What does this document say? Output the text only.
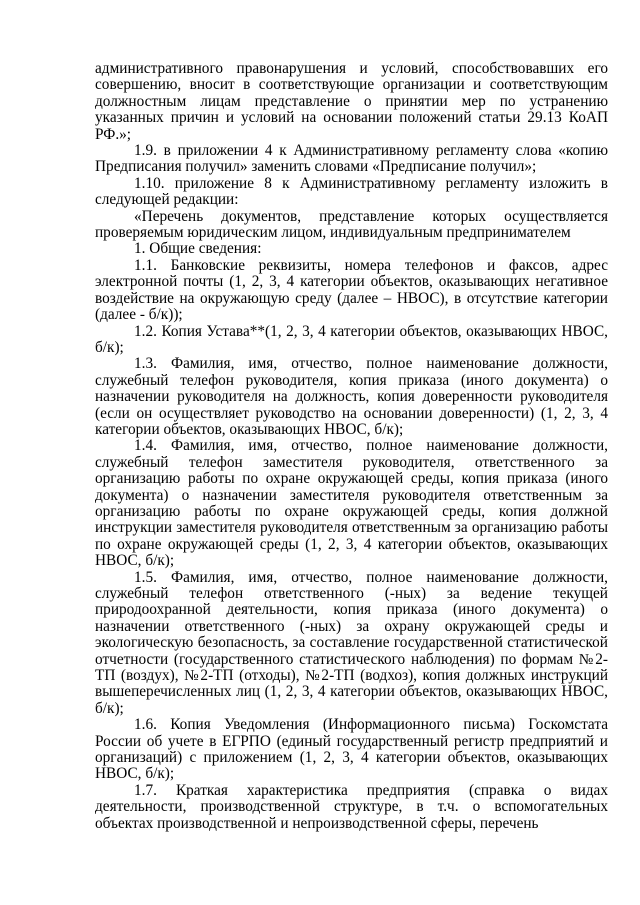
административного правонарушения и условий, способствовавших его совершению, вносит в соответствующие организации и соответствующим должностным лицам представление о принятии мер по устранению указанных причин и условий на основании положений статьи 29.13 КоАП РФ.»;

1.9. в приложении 4 к Административному регламенту слова «копию Предписания получил» заменить словами «Предписание получил»;

1.10. приложение 8 к Административному регламенту изложить в следующей редакции:

«Перечень документов, представление которых осуществляется проверяемым юридическим лицом, индивидуальным предпринимателем

1. Общие сведения:

1.1. Банковские реквизиты, номера телефонов и факсов, адрес электронной почты (1, 2, 3, 4 категории объектов, оказывающих негативное воздействие на окружающую среду (далее – НВОС), в отсутствие категории (далее - б/к));

1.2. Копия Устава**(1, 2, 3, 4 категории объектов, оказывающих НВОС, б/к);

1.3. Фамилия, имя, отчество, полное наименование должности, служебный телефон руководителя, копия приказа (иного документа) о назначении руководителя на должность, копия доверенности руководителя (если он осуществляет руководство на основании доверенности) (1, 2, 3, 4 категории объектов, оказывающих НВОС, б/к);

1.4. Фамилия, имя, отчество, полное наименование должности, служебный телефон заместителя руководителя, ответственного за организацию работы по охране окружающей среды, копия приказа (иного документа) о назначении заместителя руководителя ответственным за организацию работы по охране окружающей среды, копия должной инструкции заместителя руководителя ответственным за организацию работы по охране окружающей среды (1, 2, 3, 4 категории объектов, оказывающих НВОС, б/к);

1.5. Фамилия, имя, отчество, полное наименование должности, служебный телефон ответственного (-ных) за ведение текущей природоохранной деятельности, копия приказа (иного документа) о назначении ответственного (-ных) за охрану окружающей среды и экологическую безопасность, за составление государственной статистической отчетности (государственного статистического наблюдения) по формам №2-ТП (воздух), №2-ТП (отходы), №2-ТП (водхоз), копия должных инструкций вышеперечисленных лиц (1, 2, 3, 4 категории объектов, оказывающих НВОС, б/к);

1.6. Копия Уведомления (Информационного письма) Госкомстата России об учете в ЕГРПО (единый государственный регистр предприятий и организаций) с приложением (1, 2, 3, 4 категории объектов, оказывающих НВОС, б/к);

1.7. Краткая характеристика предприятия (справка о видах деятельности, производственной структуре, в т.ч. о вспомогательных объектах производственной и непроизводственной сферы, перечень
